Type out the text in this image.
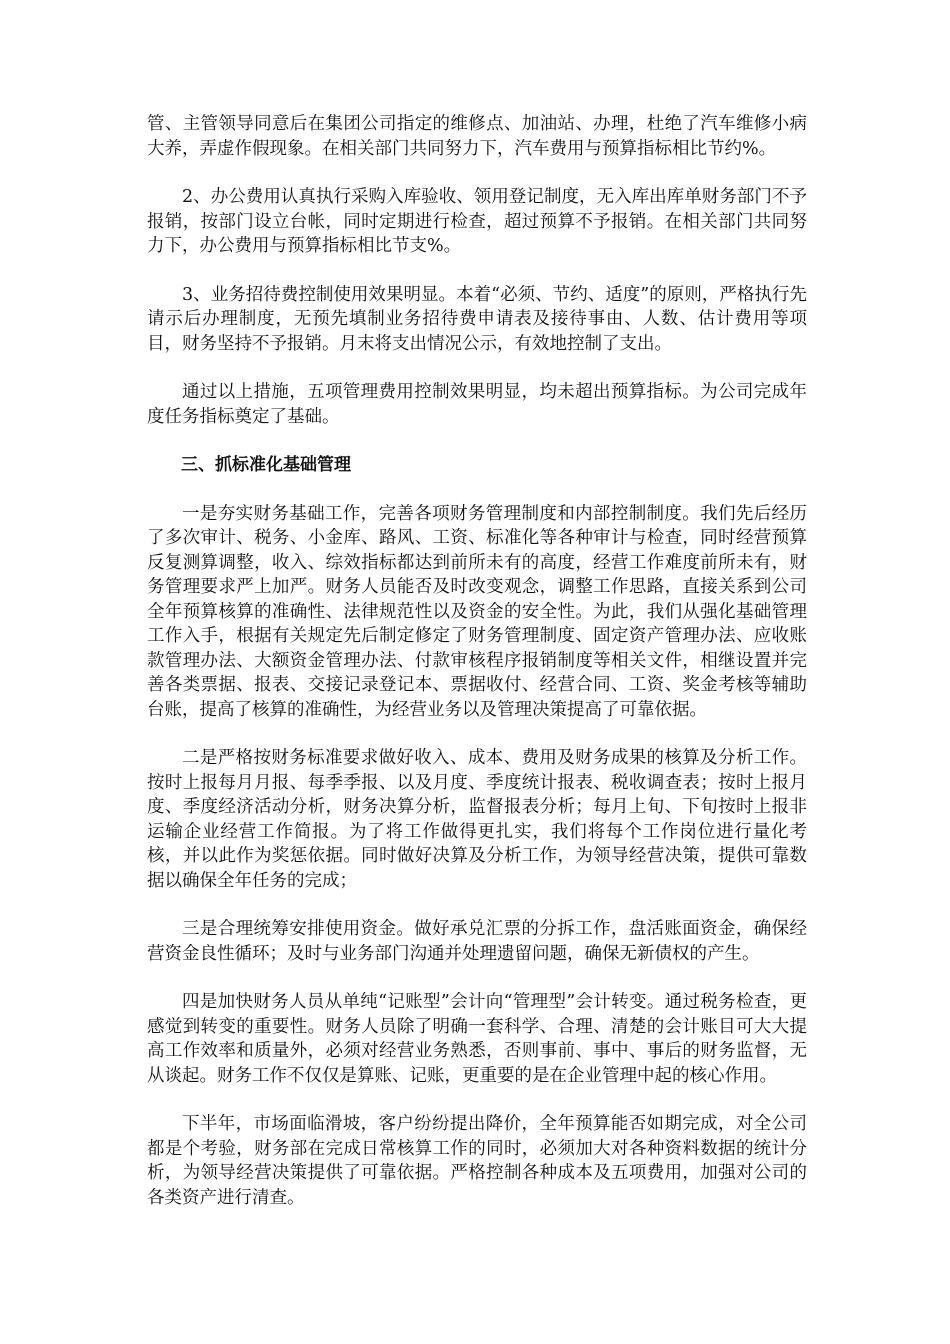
管、主管领导同意后在集团公司指定的维修点、加油站、办理，杜绝了汽车维修小病大养，弄虚作假现象。在相关部门共同努力下，汽车费用与预算指标相比节约%。

2、办公费用认真执行采购入库验收、领用登记制度，无入库出库单财务部门不予报销，按部门设立台帐，同时定期进行检查，超过预算不予报销。在相关部门共同努力下，办公费用与预算指标相比节支%。

3、业务招待费控制使用效果明显。本着“必须、节约、适度”的原则，严格执行先请示后办理制度，无预先填制业务招待费申请表及接待事由、人数、估计费用等项目，财务坚持不予报销。月末将支出情况公示，有效地控制了支出。

通过以上措施，五项管理费用控制效果明显，均未超出预算指标。为公司完成年度任务指标奠定了基础。

三、抓标准化基础管理

一是夯实财务基础工作，完善各项财务管理制度和内部控制制度。我们先后经历了多次审计、税务、小金库、路风、工资、标准化等各种审计与检查，同时经营预算反复测算调整，收入、综效指标都达到前所未有的高度，经营工作难度前所未有，财务管理要求严上加严。财务人员能否及时改变观念，调整工作思路，直接关系到公司全年预算核算的准确性、法律规范性以及资金的安全性。为此，我们从强化基础管理工作入手，根据有关规定先后制定修定了财务管理制度、固定资产管理办法、应收账款管理办法、大额资金管理办法、付款审核程序报销制度等相关文件，相继设置并完善各类票据、报表、交接记录登记本、票据收付、经营合同、工资、奖金考核等辅助台账，提高了核算的准确性，为经营业务以及管理决策提高了可靠依据。

二是严格按财务标准要求做好收入、成本、费用及财务成果的核算及分析工作。按时上报每月月报、每季季报、以及月度、季度统计报表、税收调查表；按时上报月度、季度经济活动分析，财务决算分析，监督报表分析；每月上旬、下旬按时上报非运输企业经营工作简报。为了将工作做得更扎实，我们将每个工作岗位进行量化考核，并以此作为奖惩依据。同时做好决算及分析工作，为领导经营决策，提供可靠数据以确保全年任务的完成；

三是合理统筹安排使用资金。做好承兑汇票的分拆工作，盘活账面资金，确保经营资金良性循环；及时与业务部门沟通并处理遗留问题，确保无新债权的产生。

四是加快财务人员从单纯“记账型”会计向“管理型”会计转变。通过税务检查，更感觉到转变的重要性。财务人员除了明确一套科学、合理、清楚的会计账目可大大提高工作效率和质量外，必须对经营业务熟悉，否则事前、事中、事后的财务监督，无从谈起。财务工作不仅仅是算账、记账，更重要的是在企业管理中起的核心作用。

下半年，市场面临滑坡，客户纷纷提出降价，全年预算能否如期完成，对全公司都是个考验，财务部在完成日常核算工作的同时，必须加大对各种资料数据的统计分析，为领导经营决策提供了可靠依据。严格控制各种成本及五项费用，加强对公司的各类资产进行清查。
